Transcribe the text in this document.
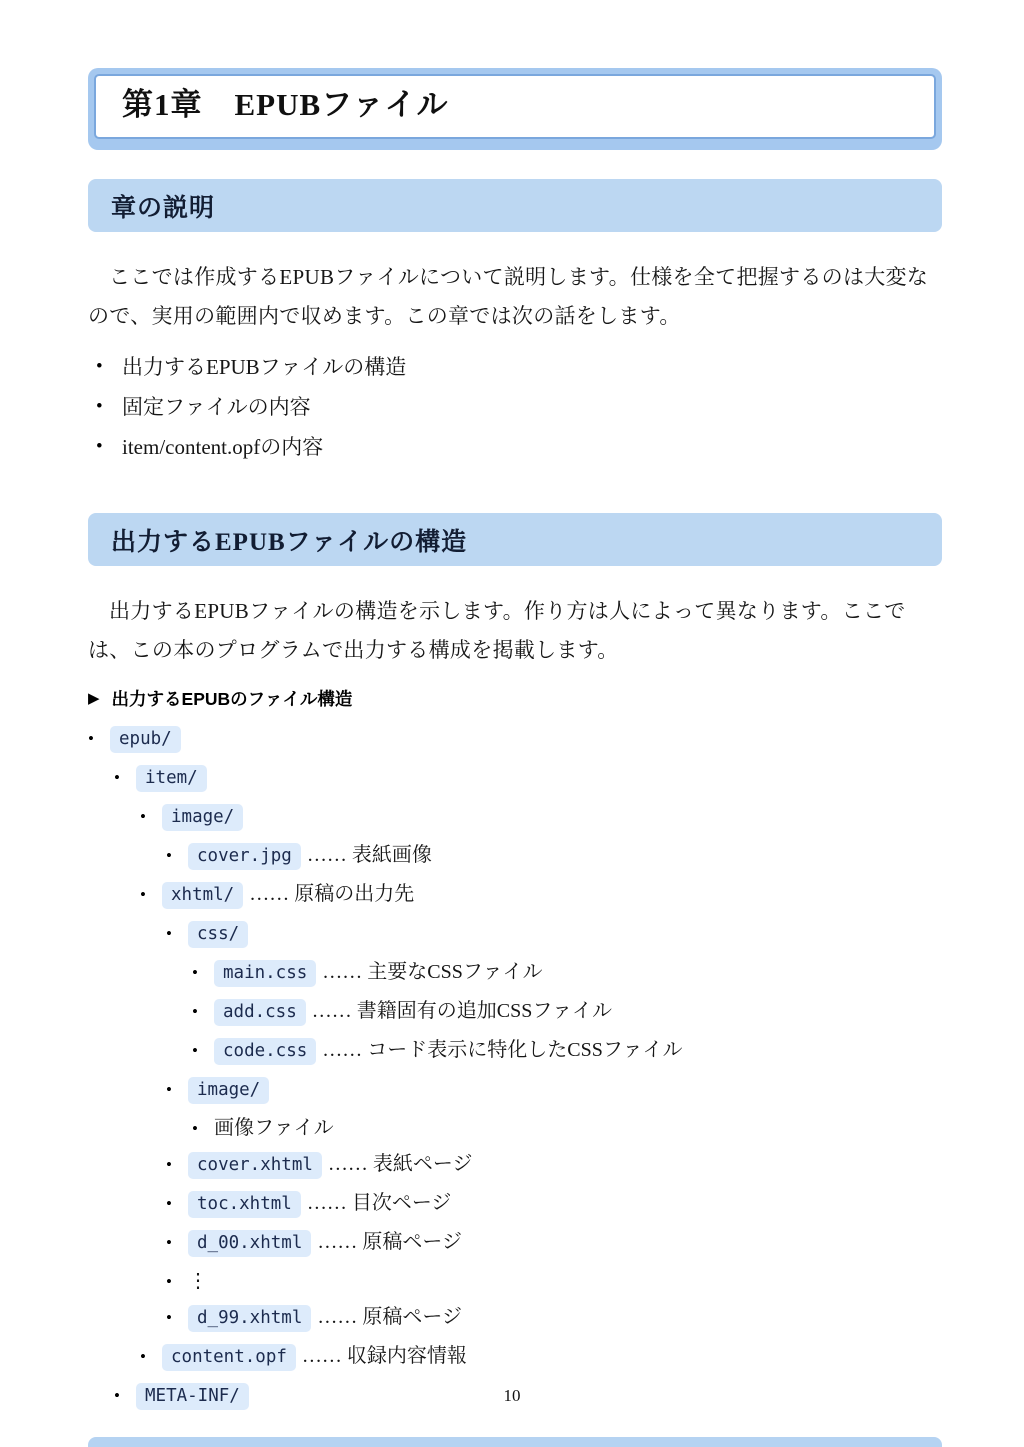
第1章　EPUBファイル
章の説明

ここでは作成するEPUBファイルについて説明します。仕様を全て把握するのは大変なので、実用の範囲内で収めます。この章では次の話をします。

• 出力するEPUBファイルの構造
• 固定ファイルの内容
• item/content.opfの内容
出力するEPUBファイルの構造

出力するEPUBファイルの構造を示します。作り方は人によって異なります。ここでは、この本のプログラムで出力する構成を掲載します。

▶ 出力するEPUBのファイル構造
• epub/
• item/
• image/
• cover.jpg …… 表紙画像
• xhtml/ …… 原稿の出力先
• css/
• main.css …… 主要なCSSファイル
• add.css …… 書籍固有の追加CSSファイル
• code.css …… コード表示に特化したCSSファイル
• image/
• 画像ファイル
• cover.xhtml …… 表紙ページ
• toc.xhtml …… 目次ページ
• d_00.xhtml …… 原稿ページ
• ⋮
• d_99.xhtml …… 原稿ページ
• content.opf …… 収録内容情報
• META-INF/	10
